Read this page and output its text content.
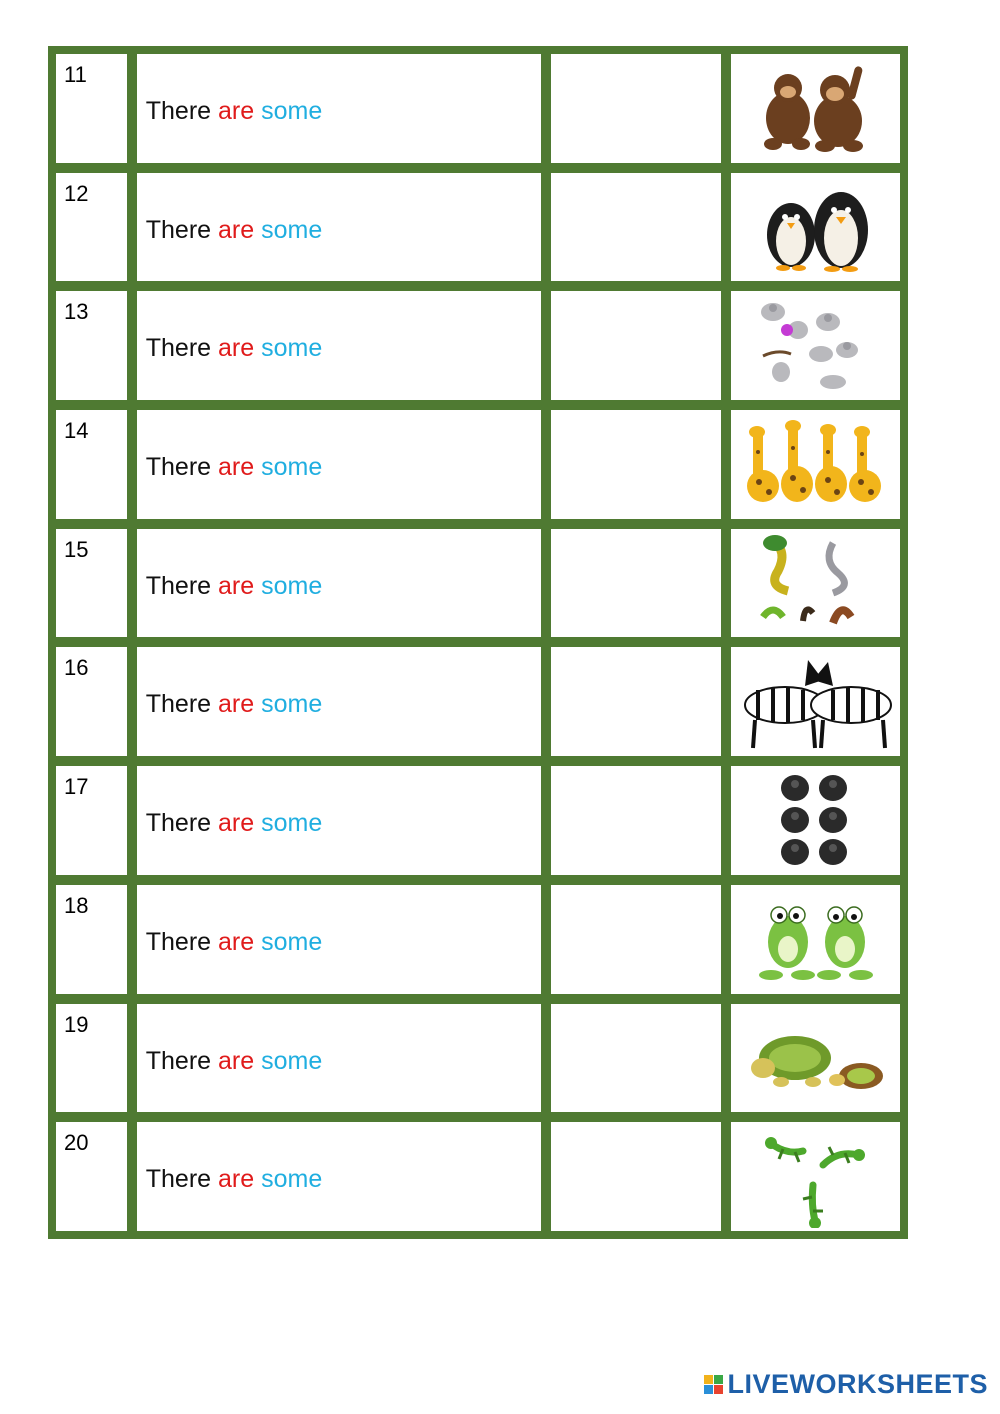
11
There are some
12
There are some
13
There are some
14
There are some
15
There are some
16
There are some
17
There are some
18
There are some
19
There are some
20
There are some
LIVEWORKSHEETS
